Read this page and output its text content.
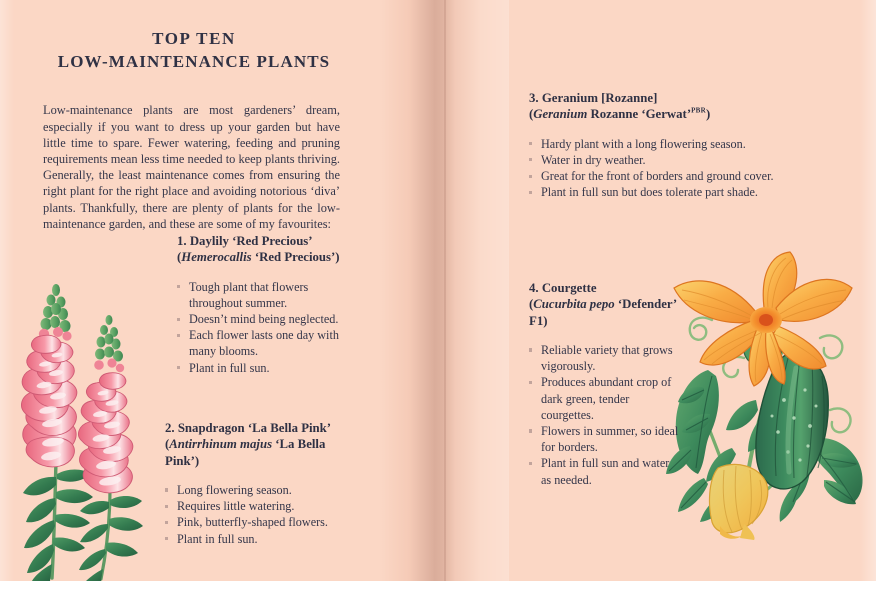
TOP TEN
LOW-MAINTENANCE PLANTS

Low-maintenance plants are most gardeners’ dream, especially if you want to dress up your garden but have little time to spare. Fewer watering, feeding and pruning requirements mean less time needed to keep plants thriving. Generally, the least maintenance comes from ensuring the right plant for the right place and avoiding notorious ‘diva’ plants. Thankfully, there are plenty of plants for the low-maintenance garden, and these are some of my favourites:

1. Daylily ‘Red Precious’
(Hemerocallis ‘Red Precious’)
Tough plant that flowers throughout summer.
Doesn’t mind being neglected.
Each flower lasts one day with many blooms.
Plant in full sun.
2. Snapdragon ‘La Bella Pink’ (Antirrhinum majus ‘La Bella Pink’)
Long flowering season.
Requires little watering.
Pink, butterfly-shaped flowers.
Plant in full sun.
3. Geranium [Rozanne]
(Geranium Rozanne ‘Gerwat’$^{PBR}$)
Hardy plant with a long flowering season.
Water in dry weather.
Great for the front of borders and ground cover.
Plant in full sun but does tolerate part shade.
4. Courgette
(Cucurbita pepo ‘Defender’ F1)
Reliable variety that grows vigorously.
Produces abundant crop of dark green, tender courgettes.
Flowers in summer, so ideal for borders.
Plant in full sun and water as needed.
